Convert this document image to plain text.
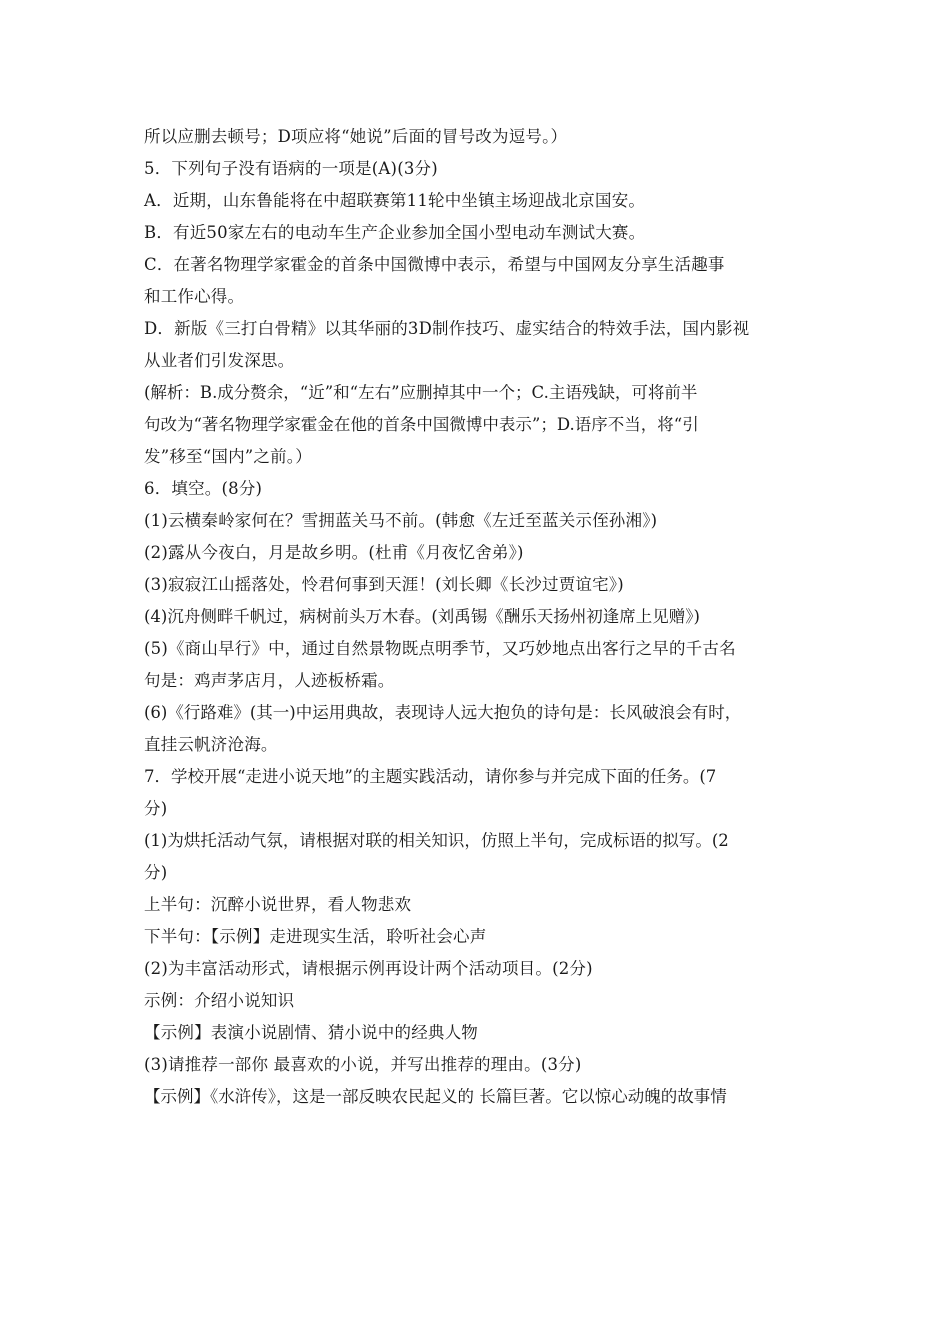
所以应删去顿号；D项应将“她说”后面的冒号改为逗号。）
5．下列句子没有语病的一项是(A)(3分)
A．近期，山东鲁能将在中超联赛第11轮中坐镇主场迎战北京国安。
B．有近50家左右的电动车生产企业参加全国小型电动车测试大赛。
C．在著名物理学家霍金的首条中国微博中表示，希望与中国网友分享生活趣事
和工作心得。
D．新版《三打白骨精》以其华丽的3D制作技巧、虚实结合的特效手法，国内影视
从业者们引发深思。
(解析：B.成分赘余，“近”和“左右”应删掉其中一个；C.主语残缺，可将前半
句改为“著名物理学家霍金在他的首条中国微博中表示”；D.语序不当，将“引
发”移至“国内”之前。）
6．填空。(8分)
(1)云横秦岭家何在？雪拥蓝关马不前。(韩愈《左迁至蓝关示侄孙湘》)
(2)露从今夜白，月是故乡明。(杜甫《月夜忆舍弟》)
(3)寂寂江山摇落处，怜君何事到天涯！(刘长卿《长沙过贾谊宅》)
(4)沉舟侧畔千帆过，病树前头万木春。(刘禹锡《酬乐天扬州初逢席上见赠》)
(5)《商山早行》中，通过自然景物既点明季节，又巧妙地点出客行之早的千古名
句是：鸡声茅店月，人迹板桥霜。
(6)《行路难》(其一)中运用典故，表现诗人远大抱负的诗句是：长风破浪会有时，
直挂云帆济沧海。
7．学校开展“走进小说天地”的主题实践活动，请你参与并完成下面的任务。(7
分)
(1)为烘托活动气氛，请根据对联的相关知识，仿照上半句，完成标语的拟写。(2
分)
上半句：沉醉小说世界，看人物悲欢
下半句：【示例】走进现实生活，聆听社会心声
(2)为丰富活动形式，请根据示例再设计两个活动项目。(2分)
示例：介绍小说知识
【示例】表演小说剧情、猜小说中的经典人物
(3)请推荐一部你 最喜欢的小说，并写出推荐的理由。(3分)
【示例】《水浒传》，这是一部反映农民起义的 长篇巨著。它以惊心动魄的故事情
